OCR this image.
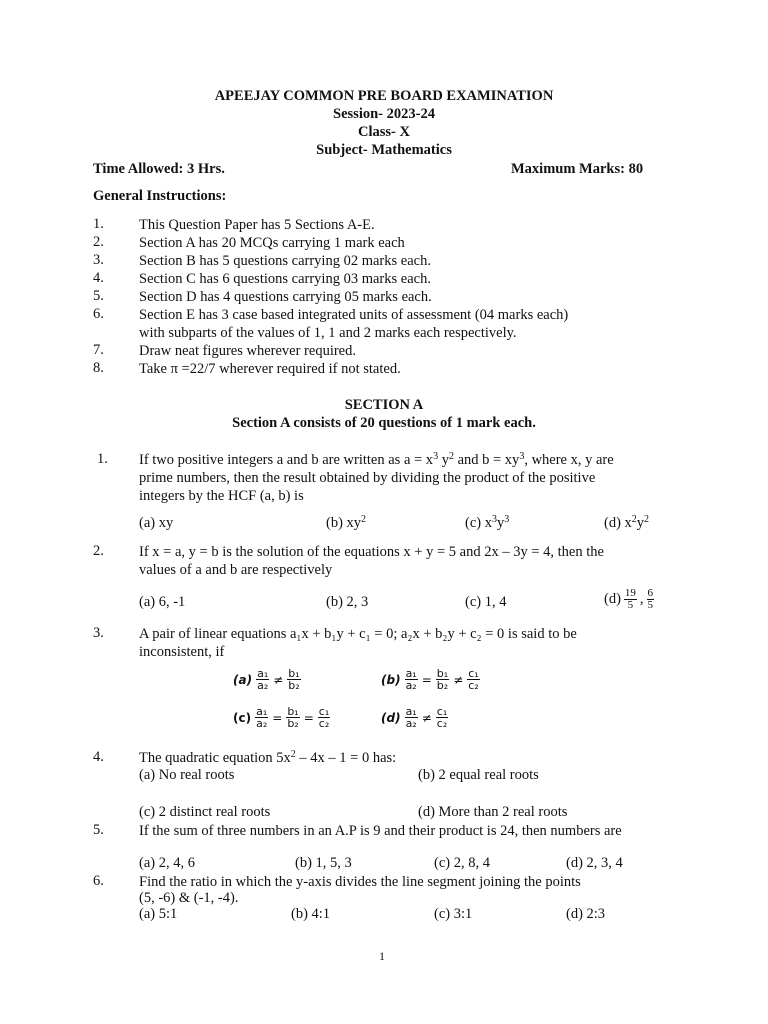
APEEJAY COMMON PRE BOARD EXAMINATION
Session- 2023-24
Class- X
Subject- Mathematics
Time Allowed: 3 Hrs.	Maximum Marks: 80
General Instructions:
1. This Question Paper has 5 Sections A-E.
2. Section A has 20 MCQs carrying 1 mark each
3. Section B has 5 questions carrying 02 marks each.
4. Section C has 6 questions carrying 03 marks each.
5. Section D has 4 questions carrying 05 marks each.
6. Section E has 3 case based integrated units of assessment (04 marks each)
with subparts of the values of 1, 1 and 2 marks each respectively.
7. Draw neat figures wherever required.
8. Take π =22/7 wherever required if not stated.
SECTION A
Section A consists of 20 questions of 1 mark each.
1. If two positive integers a and b are written as $a = x^3$ $y^2$ and $b = xy^3$, where x, y are
prime numbers, then the result obtained by dividing the product of the positive
integers by the HCF (a, b) is
(a) xy	(b) $xy^2$	(c) $x^3y^3$	(d) $x^2y^2$
2. If x = a, y = b is the solution of the equations x + y = 5 and 2x – 3y = 4, then the
values of a and b are respectively
(a) 6, -1	(b) 2, 3	(c) 1, 4	$(d) \frac{19}{5}$ , $\frac{6}{5}$
3. A pair of linear equations a₁x + b₁y + c₁ = 0; a₂x + b₂y + c₂ = 0 is said to be
inconsistent, if
$(a) \frac{\text{a₁}}{\text{a₂}} \ne \frac{\text{b₁}}{\text{b₂}}$	$(b) \frac{\text{a₁}}{\text{a₂}} = \frac{\text{b₁}}{\text{b₂}} \ne \frac{\text{c₁}}{\text{c₂}}$
$(c) \frac{\text{a₁}}{\text{a₂}} = \frac{\text{b₁}}{\text{b₂}} = \frac{\text{c₁}}{\text{c₂}}$	$(d) \frac{\text{a₁}}{\text{a₂}} \ne \frac{\text{c₁}}{\text{c₂}}$
4. The quadratic equation $5x^2 - 4x - 1 = 0$ has:
(a) No real roots	(b) 2 equal real roots
(c) 2 distinct real roots	(d) More than 2 real roots
5. If the sum of three numbers in an A.P is 9 and their product is 24, then numbers are
(a) 2, 4, 6	(b) 1, 5, 3	(c) 2, 8, 4	(d) 2, 3, 4
6. Find the ratio in which the y-axis divides the line segment joining the points
(5, -6) & (-1, -4).
(a) 5:1	(b) 4:1	(c) 3:1	(d) 2:3
1
